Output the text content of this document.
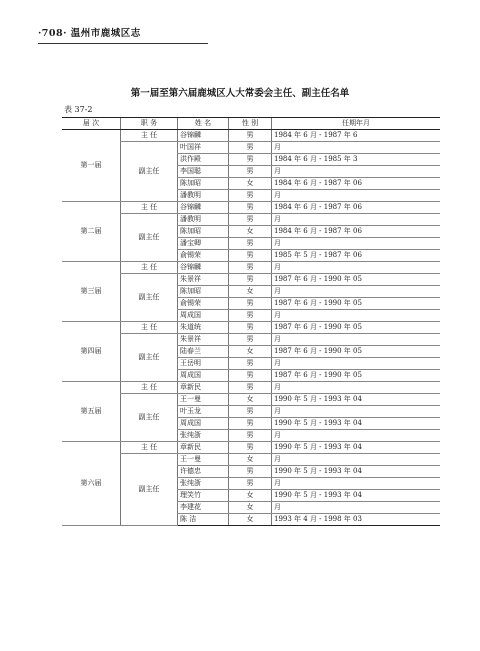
·708· 温州市鹿城区志
第一届至第六届鹿城区人大常委会主任、副主任名单
表 37-2
届 次	职 务	姓 名	性 别	任期年月
第一届	主 任	谷锦麟	男	1984 年 6 月 - 1987 年 6
	副主任	叶国祥	男	月
		洪作殿	男	1984 年 6 月 - 1985 年 3
		李国聪	男	月
		陈加昭	女	1984 年 6 月 - 1987 年 06
		潘教明	男	月
第二届	主 任	谷锦麟	男	1984 年 6 月 - 1987 年 06
	副主任	潘教明	男	月
		陈加昭	女	1984 年 6 月 - 1987 年 06
		潘宝卿	男	月
		俞锡荣	男	1985 年 5 月 - 1987 年 06
第三届	主 任	谷锦麟	男	月
	副主任	朱景祥	男	1987 年 6 月 - 1990 年 05
		陈加昭	女	月
		俞锡荣	男	1987 年 6 月 - 1990 年 05
		周成国	男	月
第四届	主 任	朱道统	男	1987 年 6 月 - 1990 年 05
	副主任	朱景祥	男	月
		陆春兰	女	1987 年 6 月 - 1990 年 05
		王岳明	男	月
		周成国	男	1987 年 6 月 - 1990 年 05
第五届	主 任	章新民	男	月
	副主任	王一曼	女	1990 年 5 月 - 1993 年 04
		叶玉龙	男	月
		周成国	男	1990 年 5 月 - 1993 年 04
		张纯浙	男	月
第六届	主 任	章新民	男	1990 年 5 月 - 1993 年 04
	副主任	王一曼	女	月
		许德忠	男	1990 年 5 月 - 1993 年 04
		张纯浙	男	月
		理笑竹	女	1990 年 5 月 - 1993 年 04
		李建花	女	月
		陈 洁	女	1993 年 4 月 - 1998 年 03
